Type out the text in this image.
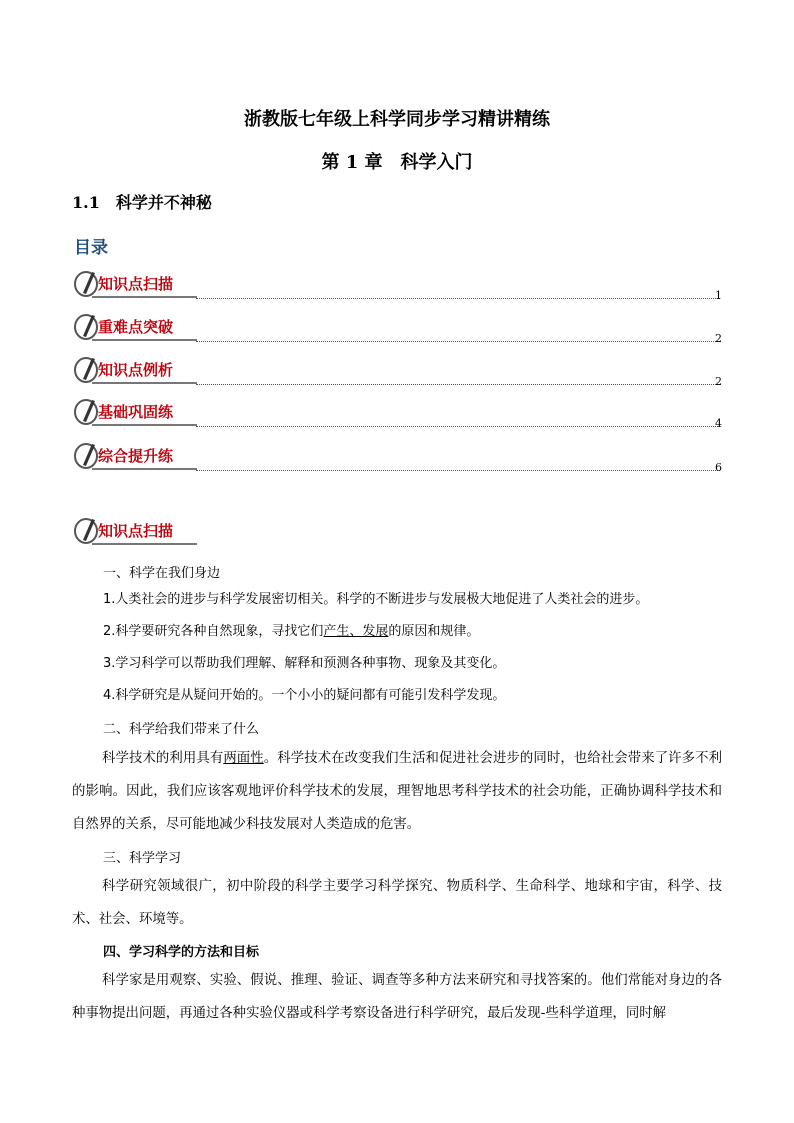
浙教版七年级上科学同步学习精讲精练
第 1 章　科学入门
1.1　科学并不神秘
目录
知识点扫描
1
重难点突破
2
知识点例析
2
基础巩固练
4
综合提升练
6
知识点扫描
一、科学在我们身边
1.人类社会的进步与科学发展密切相关。科学的不断进步与发展极大地促进了人类社会的进步。
2.科学要研究各种自然现象，寻找它们产生、发展的原因和规律。
3.学习科学可以帮助我们理解、解释和预测各种事物、现象及其变化。
4.科学研究是从疑问开始的。一个小小的疑问都有可能引发科学发现。
二、科学给我们带来了什么
科学技术的利用具有两面性。科学技术在改变我们生活和促进社会进步的同时，也给社会带来了许多不利的影响。因此，我们应该客观地评价科学技术的发展，理智地思考科学技术的社会功能，正确协调科学技术和自然界的关系，尽可能地减少科技发展对人类造成的危害。
三、科学学习
科学研究领域很广，初中阶段的科学主要学习科学探究、物质科学、生命科学、地球和宇宙，科学、技术、社会、环境等。
四、学习科学的方法和目标
科学家是用观察、实验、假说、推理、验证、调查等多种方法来研究和寻找答案的。他们常能对身边的各种事物提出问题，再通过各种实验仪器或科学考察设备进行科学研究，最后发现-些科学道理，同时解
